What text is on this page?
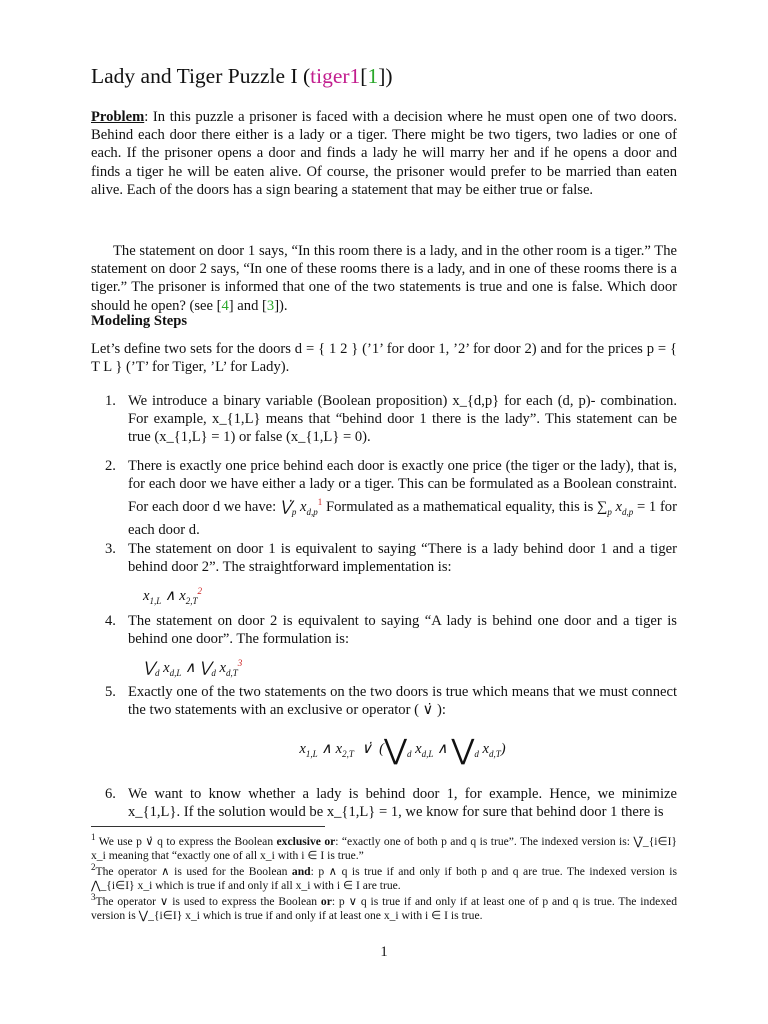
Lady and Tiger Puzzle I (tiger1[1])

Problem: In this puzzle a prisoner is faced with a decision where he must open one of two doors. Behind each door there either is a lady or a tiger. There might be two tigers, two ladies or one of each. If the prisoner opens a door and finds a lady he will marry her and if he opens a door and finds a tiger he will be eaten alive. Of course, the prisoner would prefer to be married than eaten alive. Each of the doors has a sign bearing a statement that may be either true or false.

The statement on door 1 says, “In this room there is a lady, and in the other room is a tiger.” The statement on door 2 says, “In one of these rooms there is a lady, and in one of these rooms there is a tiger.” The prisoner is informed that one of the two statements is true and one is false. Which door should he open? (see [4] and [3]).

Modeling Steps

Let’s define two sets for the doors d = { 1 2 } (’1’ for door 1, ’2’ for door 2) and for the prices p = { T L } (’T’ for Tiger, ’L’ for Lady).

1. We introduce a binary variable (Boolean proposition) x_{d,p} for each (d, p)- combination. For example, x_{1,L} means that “behind door 1 there is the lady”. This statement can be true (x_{1,L} = 1) or false (x_{1,L} = 0).
2. There is exactly one price behind each door is exactly one price (the tiger or the lady), that is, for each door we have either a lady or a tiger. This can be formulated as a Boolean constraint. For each door d we have: $⋁̇_p$ $x_{d,p}^1$ Formulated as a mathematical equality, this is $\sum_p$ $x_{d,p} = 1$ for each door d.
3. The statement on door 1 is equivalent to saying “There is a lady behind door 1 and a tiger behind door 2”. The straightforward implementation is:
$x_{1,L}$ ∧ $x_{2,T}^2$
4. The statement on door 2 is equivalent to saying “A lady is behind one door and a tiger is behind one door”. The formulation is:
$⋁_d$ $x_{d,L}$ ∧ $⋁_d$ $x_{d,T}^3$
5. Exactly one of the two statements on the two doors is true which means that we must connect the two statements with an exclusive or operator ( ∨̇ ):
$x_{1,L}$ ∧ $x_{2,T}$  ∨̇  ($⋁_d$ $x_{d,L}$ ∧ $⋁_d$ $x_{d,T}$)
6. We want to know whether a lady is behind door 1, for example. Hence, we minimize x_{1,L}. If the solution would be x_{1,L} = 1, we know for sure that behind door 1 there is
$^1$ We use p ∨̇ q to express the Boolean exclusive or: “exactly one of both p and q is true”. The indexed version is: ⋁̇_{i∈I} x_i meaning that “exactly one of all x_i with i ∈ I is true.”
$^2$The operator ∧ is used for the Boolean and: p ∧ q is true if and only if both p and q are true. The indexed version is ⋀_{i∈I} x_i which is true if and only if all x_i with i ∈ I are true.
$^3$The operator ∨ is used to express the Boolean or: p ∨ q is true if and only if at least one of p and q is true. The indexed version is ⋁_{i∈I} x_i which is true if and only if at least one x_i with i ∈ I is true.
1
